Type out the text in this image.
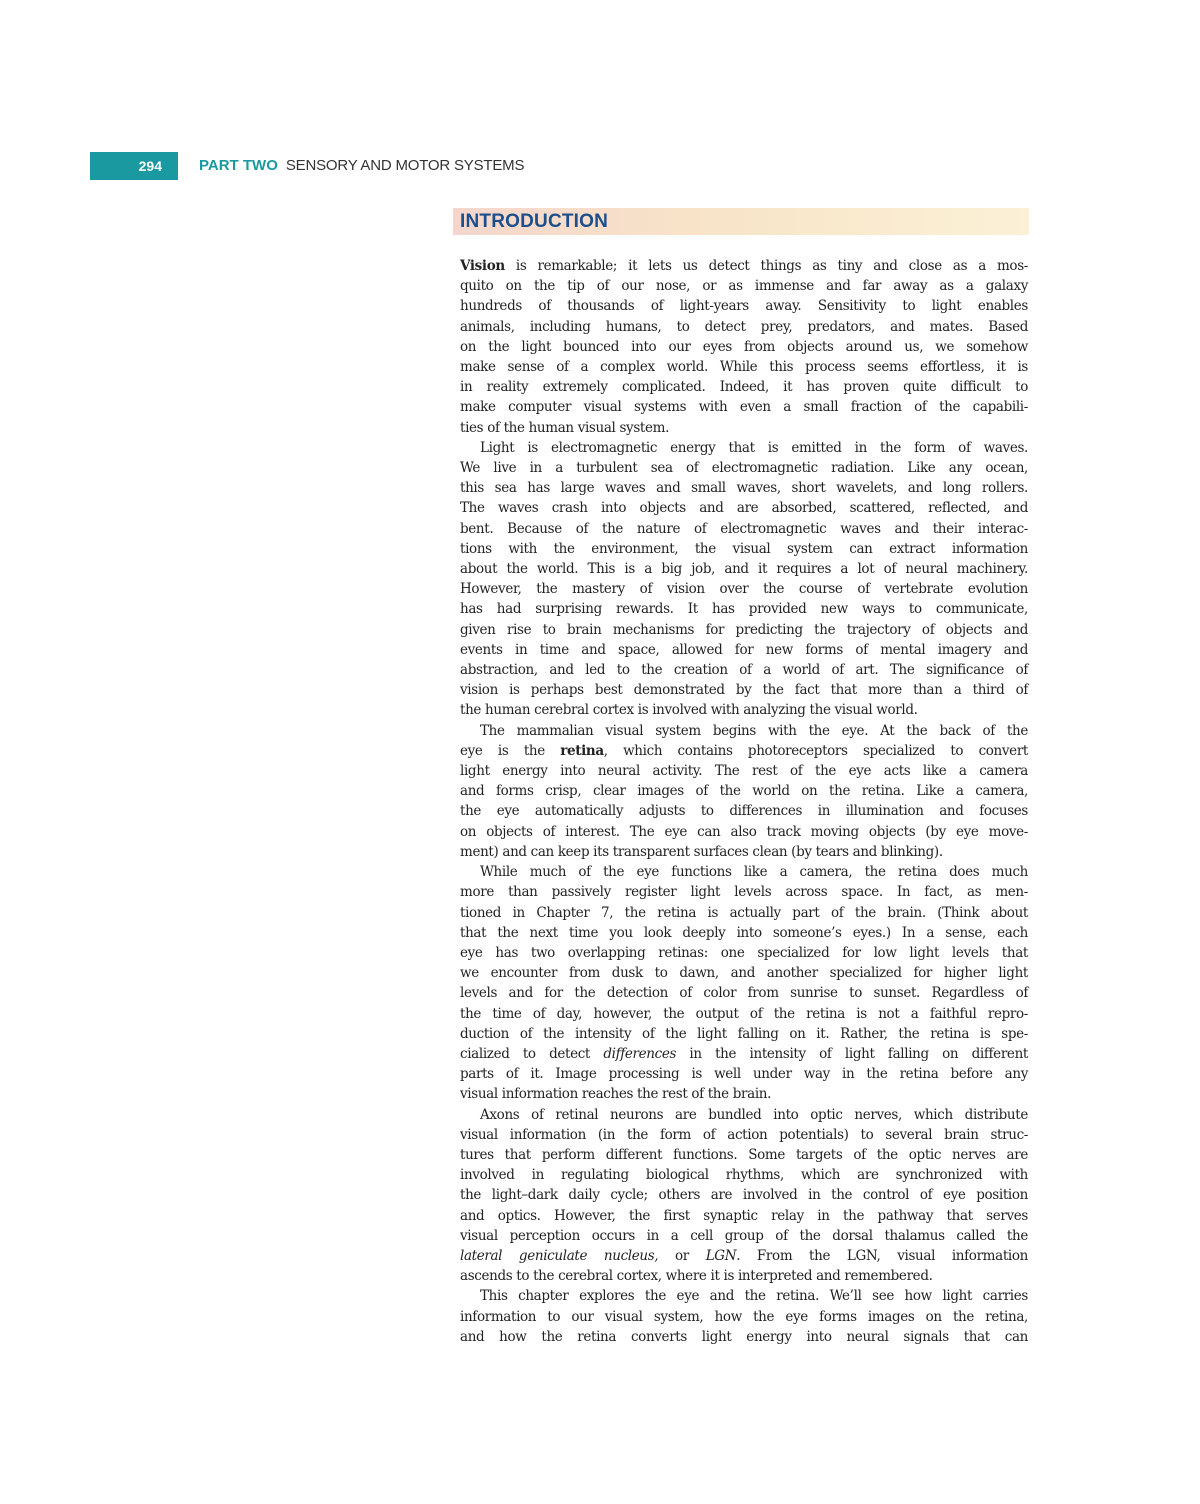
294	PART TWO SENSORY AND MOTOR SYSTEMS
INTRODUCTION
Vision is remarkable; it lets us detect things as tiny and close as a mos-
quito on the tip of our nose, or as immense and far away as a galaxy
hundreds of thousands of light-years away. Sensitivity to light enables
animals, including humans, to detect prey, predators, and mates. Based
on the light bounced into our eyes from objects around us, we somehow
make sense of a complex world. While this process seems effortless, it is
in reality extremely complicated. Indeed, it has proven quite difficult to
make computer visual systems with even a small fraction of the capabili-
ties of the human visual system.
Light is electromagnetic energy that is emitted in the form of waves.
We live in a turbulent sea of electromagnetic radiation. Like any ocean,
this sea has large waves and small waves, short wavelets, and long rollers.
The waves crash into objects and are absorbed, scattered, reflected, and
bent. Because of the nature of electromagnetic waves and their interac-
tions with the environment, the visual system can extract information
about the world. This is a big job, and it requires a lot of neural machinery.
However, the mastery of vision over the course of vertebrate evolution
has had surprising rewards. It has provided new ways to communicate,
given rise to brain mechanisms for predicting the trajectory of objects and
events in time and space, allowed for new forms of mental imagery and
abstraction, and led to the creation of a world of art. The significance of
vision is perhaps best demonstrated by the fact that more than a third of
the human cerebral cortex is involved with analyzing the visual world.
The mammalian visual system begins with the eye. At the back of the
eye is the retina, which contains photoreceptors specialized to convert
light energy into neural activity. The rest of the eye acts like a camera
and forms crisp, clear images of the world on the retina. Like a camera,
the eye automatically adjusts to differences in illumination and focuses
on objects of interest. The eye can also track moving objects (by eye move-
ment) and can keep its transparent surfaces clean (by tears and blinking).
While much of the eye functions like a camera, the retina does much
more than passively register light levels across space. In fact, as men-
tioned in Chapter 7, the retina is actually part of the brain. (Think about
that the next time you look deeply into someone’s eyes.) In a sense, each
eye has two overlapping retinas: one specialized for low light levels that
we encounter from dusk to dawn, and another specialized for higher light
levels and for the detection of color from sunrise to sunset. Regardless of
the time of day, however, the output of the retina is not a faithful repro-
duction of the intensity of the light falling on it. Rather, the retina is spe-
cialized to detect differences in the intensity of light falling on different
parts of it. Image processing is well under way in the retina before any
visual information reaches the rest of the brain.
Axons of retinal neurons are bundled into optic nerves, which distribute
visual information (in the form of action potentials) to several brain struc-
tures that perform different functions. Some targets of the optic nerves are
involved in regulating biological rhythms, which are synchronized with
the light–dark daily cycle; others are involved in the control of eye position
and optics. However, the first synaptic relay in the pathway that serves
visual perception occurs in a cell group of the dorsal thalamus called the
lateral geniculate nucleus, or LGN. From the LGN, visual information
ascends to the cerebral cortex, where it is interpreted and remembered.
This chapter explores the eye and the retina. We’ll see how light carries
information to our visual system, how the eye forms images on the retina,
and how the retina converts light energy into neural signals that can
